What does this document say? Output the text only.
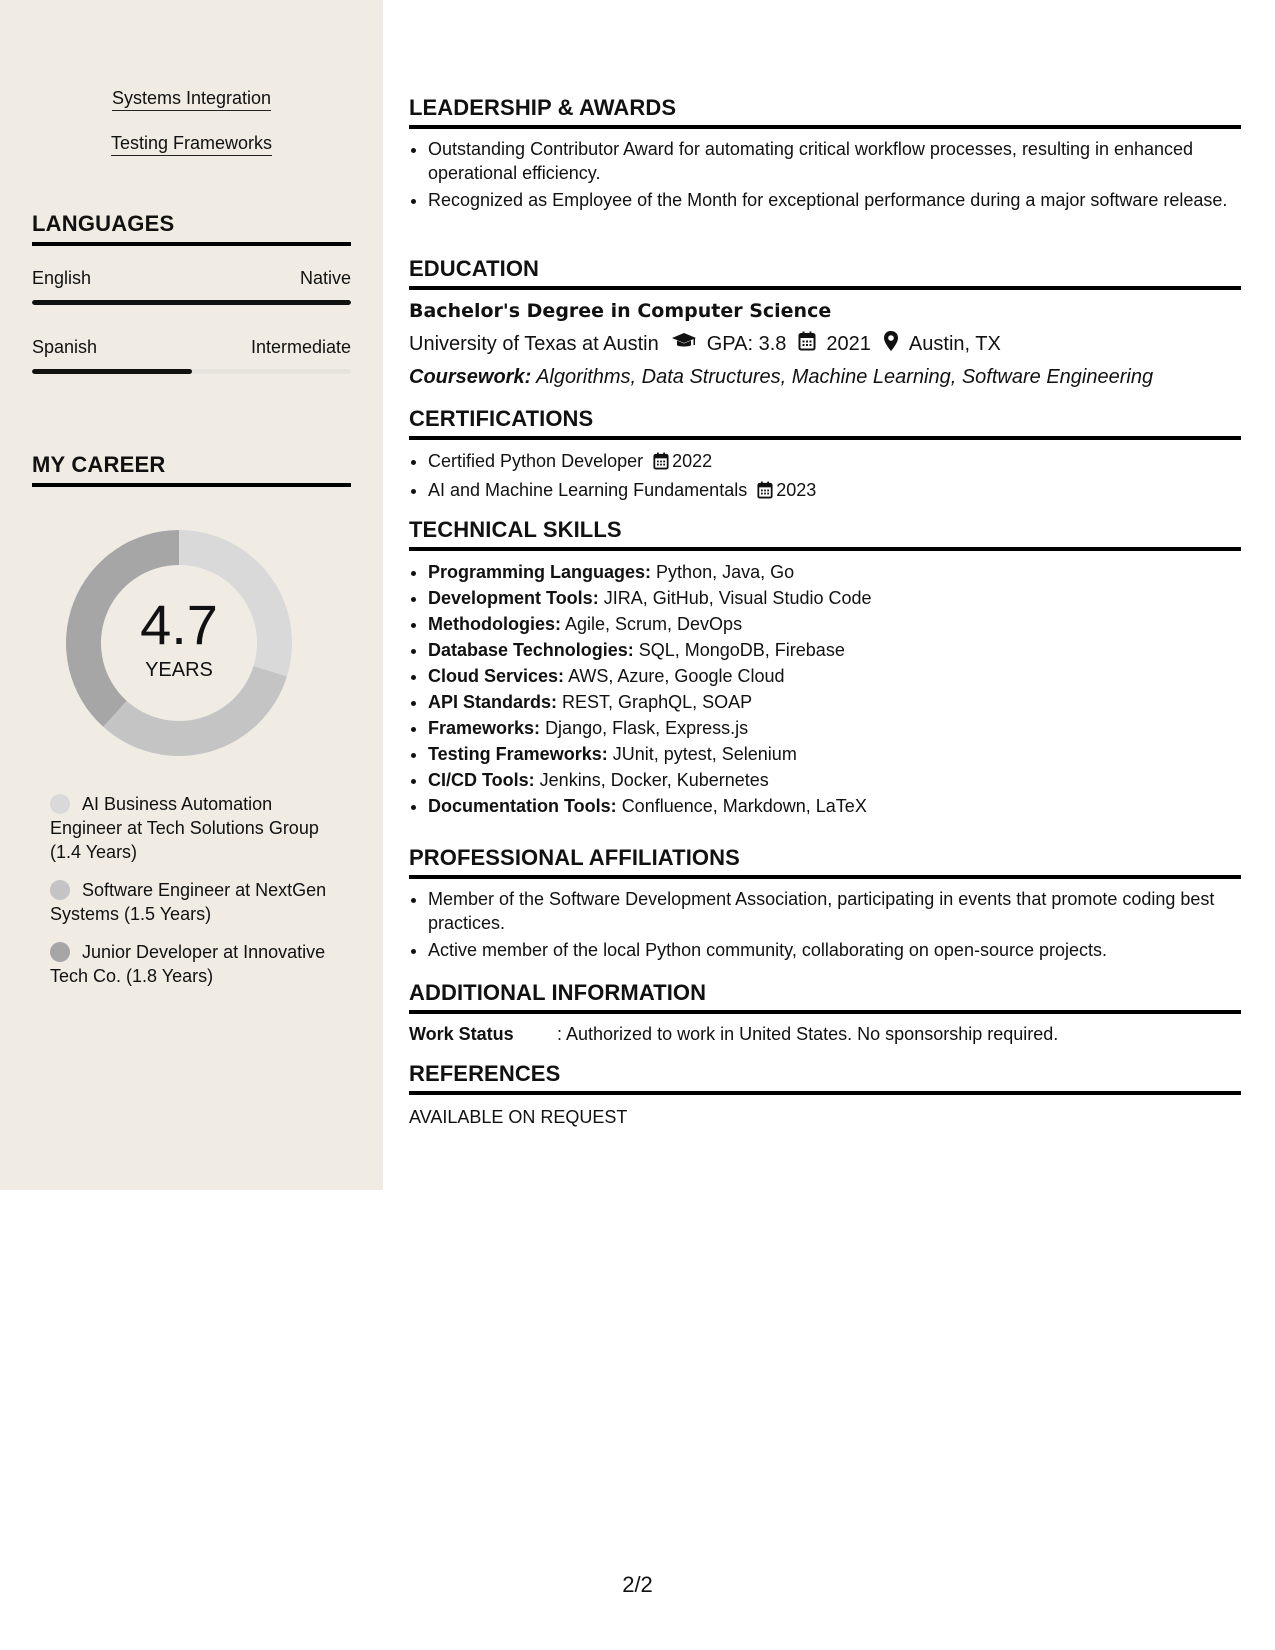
Systems Integration
Testing Frameworks
LANGUAGES
English	Native
Spanish	Intermediate
MY CAREER
4.7
YEARS
AI Business Automation Engineer at Tech Solutions Group (1.4 Years)
Software Engineer at NextGen Systems (1.5 Years)
Junior Developer at Innovative Tech Co. (1.8 Years)
LEADERSHIP & AWARDS
• Outstanding Contributor Award for automating critical workflow processes, resulting in enhanced operational efficiency.
• Recognized as Employee of the Month for exceptional performance during a major software release.
EDUCATION
Bachelor's Degree in Computer Science
University of Texas at Austin GPA: 3.8 2021 Austin, TX
Coursework: Algorithms, Data Structures, Machine Learning, Software Engineering
CERTIFICATIONS
• Certified Python Developer 2022
• AI and Machine Learning Fundamentals 2023
TECHNICAL SKILLS
• Programming Languages: Python, Java, Go
• Development Tools: JIRA, GitHub, Visual Studio Code
• Methodologies: Agile, Scrum, DevOps
• Database Technologies: SQL, MongoDB, Firebase
• Cloud Services: AWS, Azure, Google Cloud
• API Standards: REST, GraphQL, SOAP
• Frameworks: Django, Flask, Express.js
• Testing Frameworks: JUnit, pytest, Selenium
• CI/CD Tools: Jenkins, Docker, Kubernetes
• Documentation Tools: Confluence, Markdown, LaTeX
PROFESSIONAL AFFILIATIONS
• Member of the Software Development Association, participating in events that promote coding best practices.
• Active member of the local Python community, collaborating on open-source projects.
ADDITIONAL INFORMATION
Work Status	: Authorized to work in United States. No sponsorship required.
REFERENCES
AVAILABLE ON REQUEST
2/2
